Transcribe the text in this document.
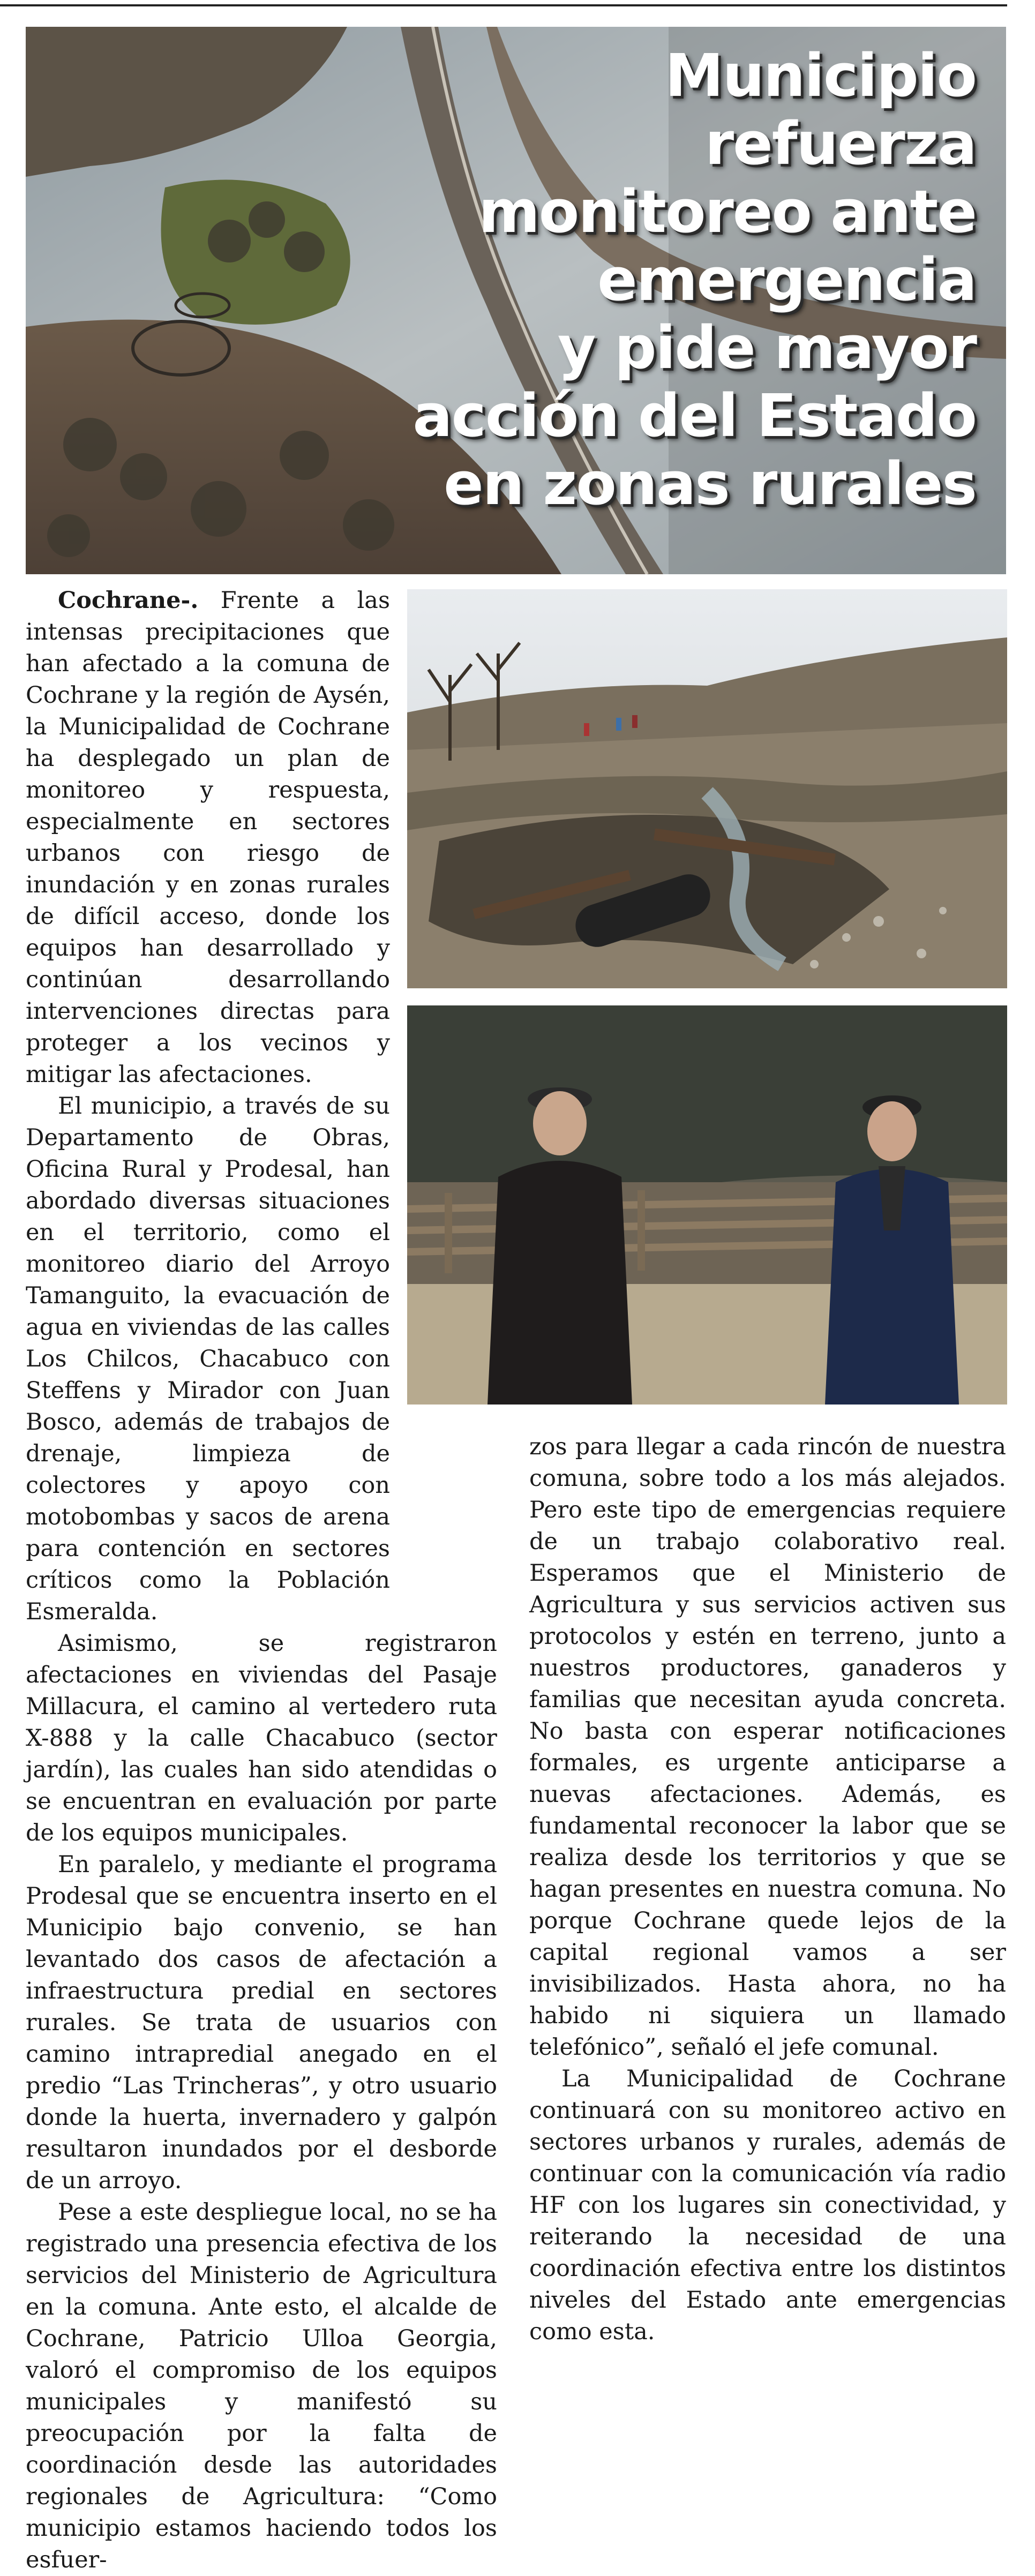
Municipio
refuerza
monitoreo ante
emergencia
y pide mayor
acción del Estado
en zonas rurales

Cochrane-. Frente a las intensas precipitaciones que han afectado a la comuna de Cochrane y la región de Aysén, la Municipalidad de Cochrane ha desplegado un plan de monitoreo y respuesta, especialmente en sectores urbanos con riesgo de inundación y en zonas rurales de difícil acceso, donde los equipos han desarrollado y continúan desarrollando intervenciones directas para proteger a los vecinos y mitigar las afectaciones.

El municipio, a través de su Departamento de Obras, Oficina Rural y Prodesal, han abordado diversas situaciones en el territorio, como el monitoreo diario del Arroyo Tamanguito, la evacuación de agua en viviendas de las calles Los Chilcos, Chacabuco con Steffens y Mirador con Juan Bosco, además de trabajos de drenaje, limpieza de colectores y apoyo con motobombas y sacos de arena para contención en sectores críticos como la Población Esmeralda.

Asimismo, se registraron afectaciones en viviendas del Pasaje Millacura, el camino al vertedero ruta X-888 y la calle Chacabuco (sector jardín), las cuales han sido atendidas o se encuentran en evaluación por parte de los equipos municipales.

En paralelo, y mediante el programa Prodesal que se encuentra inserto en el Municipio bajo convenio, se han levantado dos casos de afectación a infraestructura predial en sectores rurales. Se trata de usuarios con camino intrapredial anegado en el predio “Las Trincheras”, y otro usuario donde la huerta, invernadero y galpón resultaron inundados por el desborde de un arroyo.

Pese a este despliegue local, no se ha registrado una presencia efectiva de los servicios del Ministerio de Agricultura en la comuna. Ante esto, el alcalde de Cochrane, Patricio Ulloa Georgia, valoró el compromiso de los equipos municipales y manifestó su preocupación por la falta de coordinación desde las autoridades regionales de Agricultura: “Como municipio estamos haciendo todos los esfuer-

zos para llegar a cada rincón de nuestra comuna, sobre todo a los más alejados. Pero este tipo de emergencias requiere de un trabajo colaborativo real. Esperamos que el Ministerio de Agricultura y sus servicios activen sus protocolos y estén en terreno, junto a nuestros productores, ganaderos y familias que necesitan ayuda concreta. No basta con esperar notificaciones formales, es urgente anticiparse a nuevas afectaciones. Además, es fundamental reconocer la labor que se realiza desde los territorios y que se hagan presentes en nuestra comuna. No porque Cochrane quede lejos de la capital regional vamos a ser invisibilizados. Hasta ahora, no ha habido ni siquiera un llamado telefónico”, señaló el jefe comunal.

La Municipalidad de Cochrane continuará con su monitoreo activo en sectores urbanos y rurales, además de continuar con la comunicación vía radio HF con los lugares sin conectividad, y reiterando la necesidad de una coordinación efectiva entre los distintos niveles del Estado ante emergencias como esta.
